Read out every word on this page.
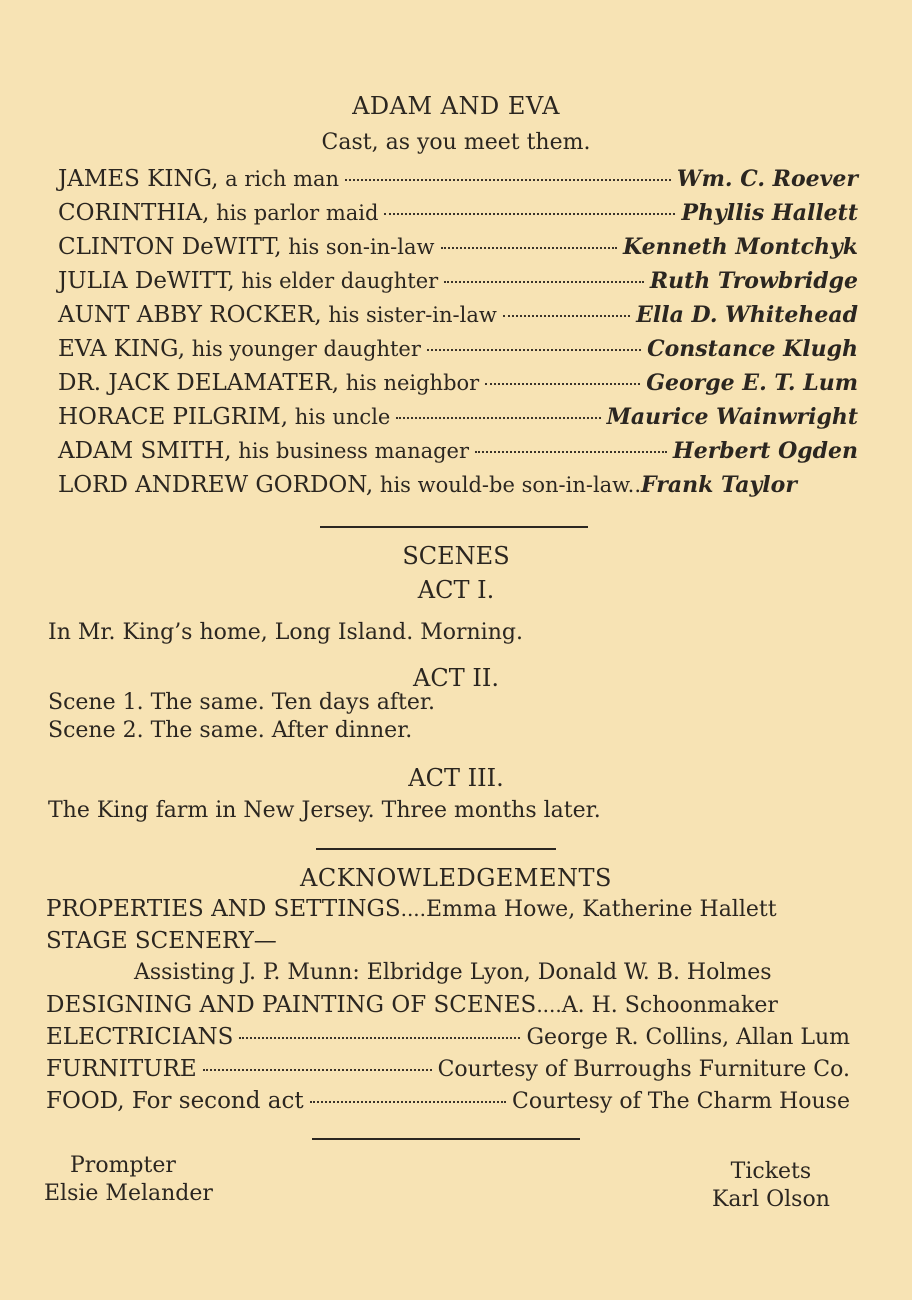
ADAM AND EVA
Cast, as you meet them.
JAMES KING, a rich man	Wm. C. Roever
CORINTHIA, his parlor maid	Phyllis Hallett
CLINTON DeWITT, his son-in-law	Kenneth Montchyk
JULIA DeWITT, his elder daughter	Ruth Trowbridge
AUNT ABBY ROCKER, his sister-in-law	Ella D. Whitehead
EVA KING, his younger daughter	Constance Klugh
DR. JACK DELAMATER, his neighbor	George E. T. Lum
HORACE PILGRIM, his uncle	Maurice Wainwright
ADAM SMITH, his business manager	Herbert Ogden
LORD ANDREW GORDON, his would-be son-in-law.. Frank Taylor
SCENES
ACT I.
In Mr. King’s home, Long Island. Morning.
ACT II.
Scene 1. The same. Ten days after.
Scene 2. The same. After dinner.
ACT III.
The King farm in New Jersey. Three months later.
ACKNOWLEDGEMENTS
PROPERTIES AND SETTINGS .... Emma Howe, Katherine Hallett
STAGE SCENERY—
Assisting J. P. Munn: Elbridge Lyon, Donald W. B. Holmes
DESIGNING AND PAINTING OF SCENES .... A. H. Schoonmaker
ELECTRICIANS	George R. Collins, Allan Lum
FURNITURE	Courtesy of Burroughs Furniture Co.
FOOD, For second act	Courtesy of The Charm House
Prompter
Elsie Melander
Tickets
Karl Olson
